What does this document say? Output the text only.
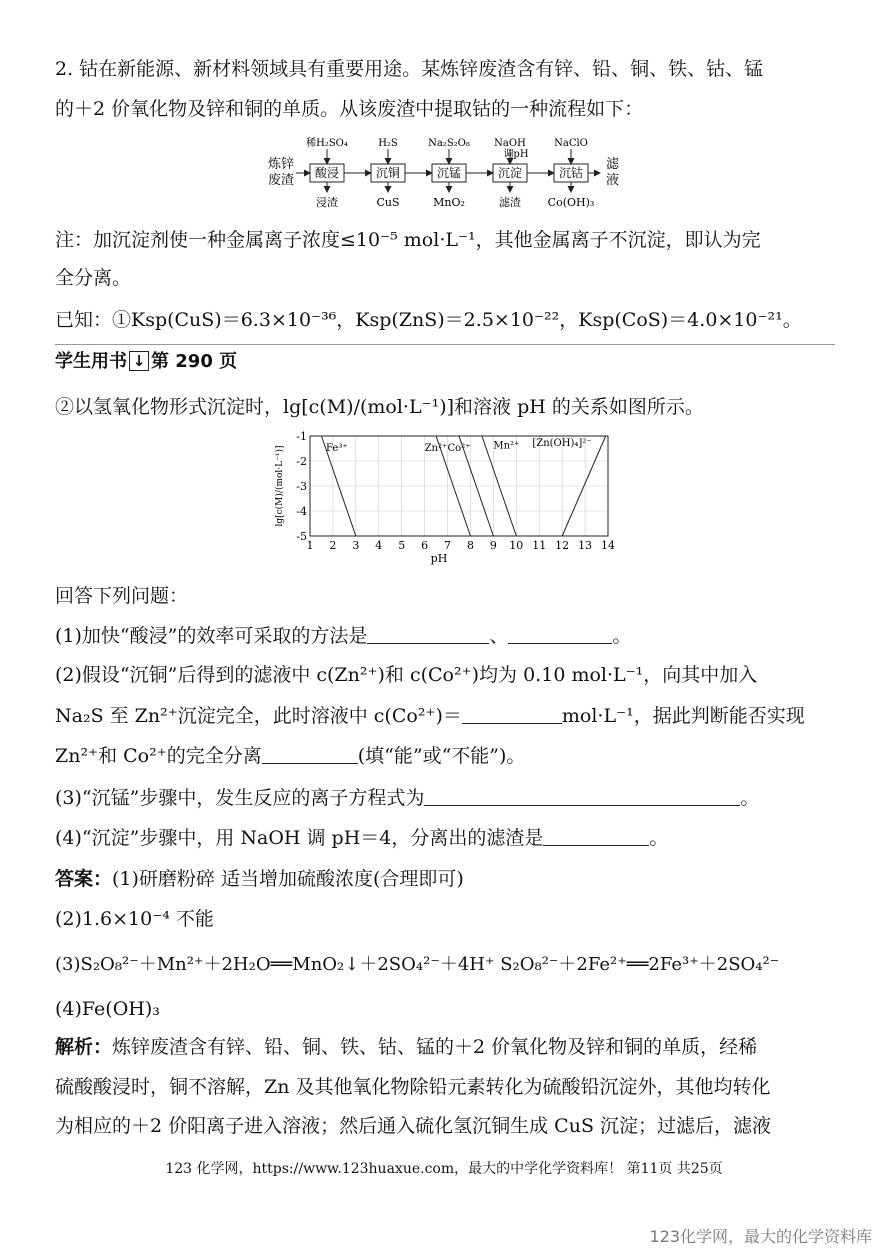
2. 钴在新能源、新材料领域具有重要用途。某炼锌废渣含有锌、铅、铜、铁、钴、锰
的＋2 价氧化物及锌和铜的单质。从该废渣中提取钴的一种流程如下：
炼锌
废渣
滤
液
酸浸
稀H₂SO₄
浸渣
沉铜
H₂S
CuS
沉锰
Na₂S₂O₈
MnO₂
沉淀
NaOH
调pH
滤渣
沉钴
NaClO
Co(OH)₃
注：加沉淀剂使一种金属离子浓度≤10⁻⁵ mol·L⁻¹，其他金属离子不沉淀，即认为完
全分离。
已知：①Ksp(CuS)＝6.3×10⁻³⁶，Ksp(ZnS)＝2.5×10⁻²²，Ksp(CoS)＝4.0×10⁻²¹。
学生用书 ↓ 第 290 页
②以氢氧化物形式沉淀时，lg[c(M)/(mol·L⁻¹)]和溶液 pH 的关系如图所示。
1 2 3 4 5 6 7 8 9 10 11 12 13 14
-1
-2
-3
-4
-5
pH
lg[c(M)/(mol·L⁻¹)]	Fe³⁺	Zn²⁺ Co²⁺ Mn²⁺ [Zn(OH)₄]²⁻
回答下列问题：
(1)加快“酸浸”的效率可采取的方法是	、	。
(2)假设“沉铜”后得到的滤液中 c(Zn²⁺)和 c(Co²⁺)均为 0.10 mol·L⁻¹，向其中加入
Na₂S 至 Zn²⁺沉淀完全，此时溶液中 c(Co²⁺)＝	mol·L⁻¹，据此判断能否实现
Zn²⁺和 Co²⁺的完全分离	(填“能”或“不能”)。
(3)“沉锰”步骤中，发生反应的离子方程式为	。
(4)“沉淀”步骤中，用 NaOH 调 pH＝4，分离出的滤渣是	。
答案：(1)研磨粉碎 适当增加硫酸浓度(合理即可)
(2)1.6×10⁻⁴ 不能
(3)S₂O₈²⁻＋Mn²⁺＋2H₂O══MnO₂↓＋2SO₄²⁻＋4H⁺ S₂O₈²⁻＋2Fe²⁺══2Fe³⁺＋2SO₄²⁻
(4)Fe(OH)₃
解析：炼锌废渣含有锌、铅、铜、铁、钴、锰的＋2 价氧化物及锌和铜的单质，经稀
硫酸酸浸时，铜不溶解，Zn 及其他氧化物除铅元素转化为硫酸铅沉淀外，其他均转化
为相应的＋2 价阳离子进入溶液；然后通入硫化氢沉铜生成 CuS 沉淀；过滤后，滤液
123 化学网，https://www.123huaxue.com，最大的中学化学资料库！ 第11页 共25页
123化学网，最大的化学资料库
